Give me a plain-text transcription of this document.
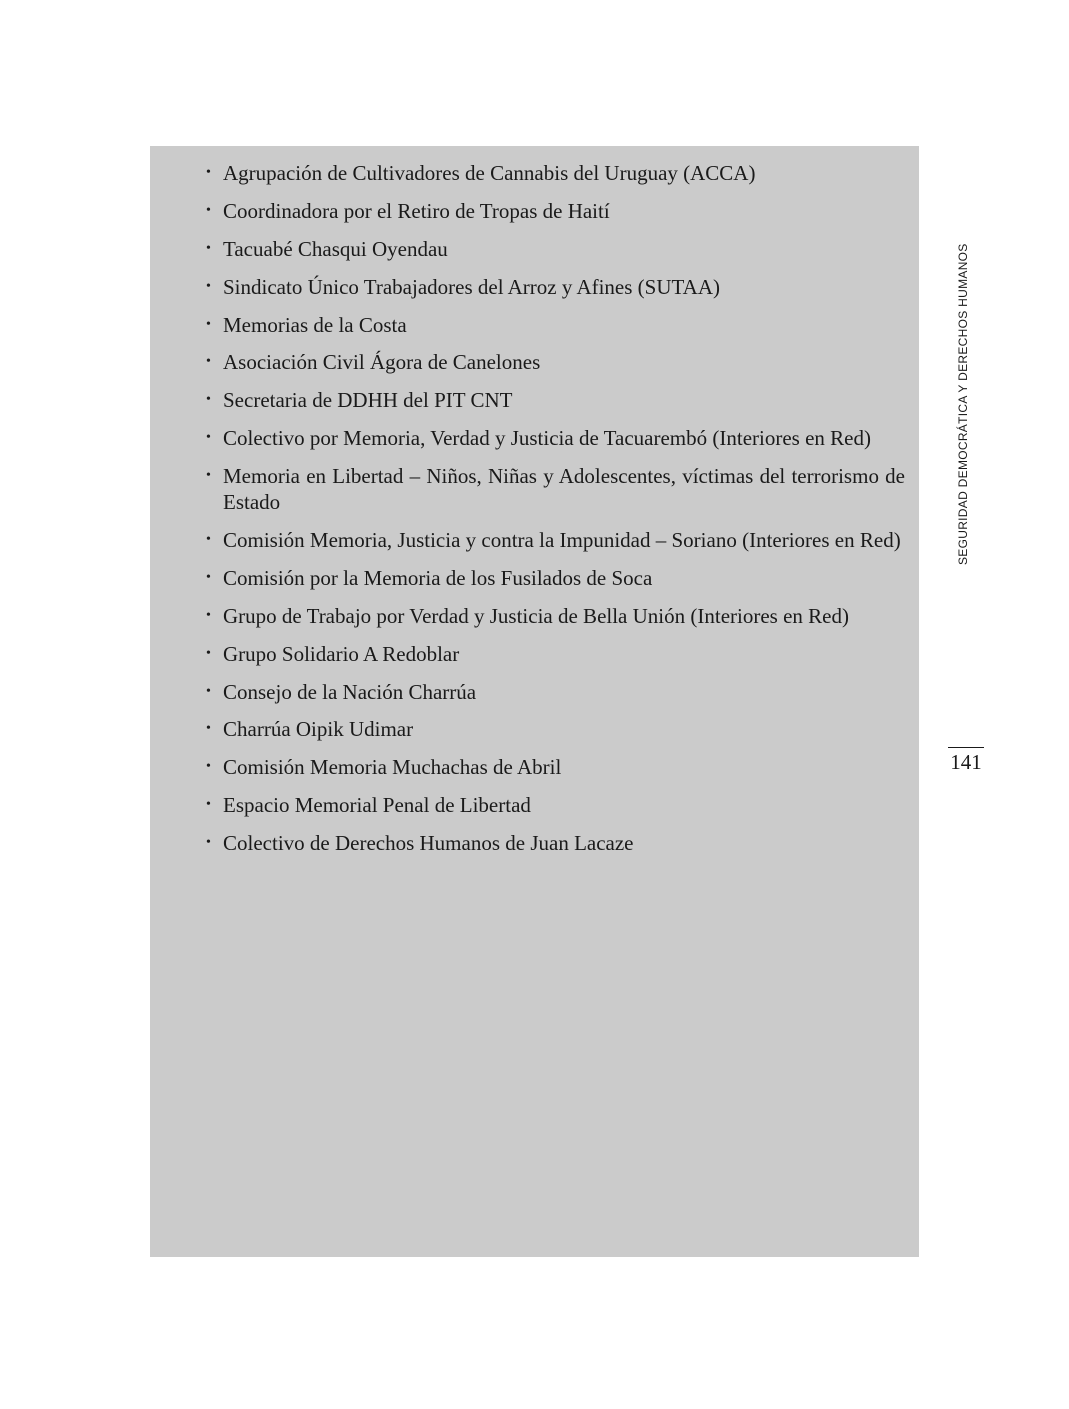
• Agrupación de Cultivadores de Cannabis del Uruguay (ACCA)
• Coordinadora por el Retiro de Tropas de Haití
• Tacuabé Chasqui Oyendau
• Sindicato Único Trabajadores del Arroz y Afines (SUTAA)
• Memorias de la Costa
• Asociación Civil Ágora de Canelones
• Secretaria de DDHH del PIT CNT
• Colectivo por Memoria, Verdad y Justicia de Tacuarembó (Interiores en Red)
• Memoria en Libertad – Niños, Niñas y Adolescentes, víctimas del terrorismo de Estado
• Comisión Memoria, Justicia y contra la Impunidad – Soriano (Interiores en Red)
• Comisión por la Memoria de los Fusilados de Soca
• Grupo de Trabajo por Verdad y Justicia de Bella Unión (Interiores en Red)
• Grupo Solidario A Redoblar
• Consejo de la Nación Charrúa
• Charrúa Oipik Udimar
• Comisión Memoria Muchachas de Abril
• Espacio Memorial Penal de Libertad
• Colectivo de Derechos Humanos de Juan Lacaze
SEGURIDAD DEMOCRÁTICA Y DERECHOS HUMANOS
141
